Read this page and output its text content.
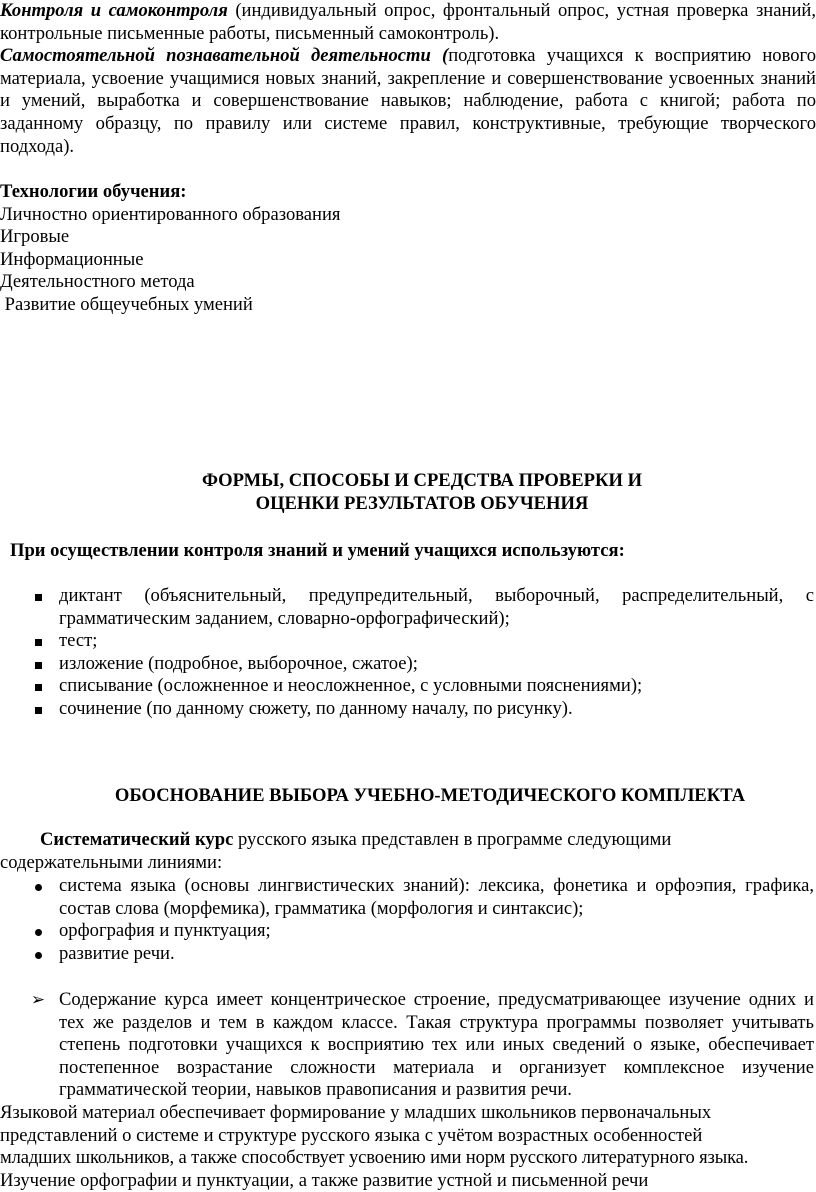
Контроля и самоконтроля (индивидуальный опрос, фронтальный опрос, устная проверка знаний, контрольные письменные работы, письменный самоконтроль).

Самостоятельной познавательной деятельности (подготовка учащихся к восприятию нового материала, усвоение учащимися новых знаний, закрепление и совершенствование усвоенных знаний и умений, выработка и совершенствование навыков; наблюдение, работа с книгой; работа по заданному образцу, по правилу или системе правил, конструктивные, требующие творческого подхода).

Технологии обучения:

Личностно ориентированного образования

Игровые

Информационные

Деятельностного метода

Развитие общеучебных умений

ФОРМЫ, СПОСОБЫ И СРЕДСТВА ПРОВЕРКИ И

ОЦЕНКИ РЕЗУЛЬТАТОВ ОБУЧЕНИЯ

При осуществлении контроля знаний и умений учащихся используются:

диктант (объяснительный, предупредительный, выборочный, распределительный, с грамматическим заданием, словарно-орфографический);
тест;
изложение (подробное, выборочное, сжатое);
списывание (осложненное и неосложненное, с условными пояснениями);
сочинение (по данному сюжету, по данному началу, по рисунку).

ОБОСНОВАНИЕ ВЫБОРА УЧЕБНО-МЕТОДИЧЕСКОГО КОМПЛЕКТА

Систематический курс русского языка представлен в программе следующими

содержательными линиями:

система языка (основы лингвистических знаний): лексика, фонетика и орфоэпия, графика, состав слова (морфемика), грамматика (морфология и синтаксис);
орфография и пунктуация;
развитие речи.
➢ Содержание курса имеет концентрическое строение, предусматривающее изучение одних и тех же разделов и тем в каждом классе. Такая структура программы позволяет учитывать степень подготовки учащихся к восприятию тех или иных сведений о языке, обеспечивает постепенное возрастание сложности материала и организует комплексное изучение грамматической теории, навыков правописания и развития речи.

Языковой материал обеспечивает формирование у младших школьников первоначальных

представлений о системе и структуре русского языка с учётом возрастных особенностей

младших школьников, а также способствует усвоению ими норм русского литературного языка.

Изучение орфографии и пунктуации, а также развитие устной и письменной речи
